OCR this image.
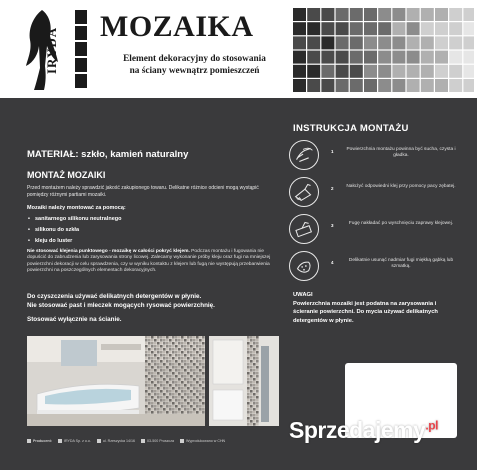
IRYDA	MOZAIKA
Element dekoracyjny do stosowania
na ściany wewnątrz pomieszczeń
MATERIAŁ: szkło, kamień naturalny
MONTAŻ MOZAIKI
Przed montażem należy sprawdzić jakość zakupionego towaru. Delikatne różnice odcieni mogą wystąpić pomiędzy różnymi partiami mozaiki.
Mozaiki należy montować za pomocą:
• sanitarnego silikonu neutralnego
• silikonu do szkła
• kleju do luster
Nie stosować klejenia punktowego - mozaikę w całości pokryć klejem. Podczas montażu i fugowania nie dopuścić do zabrudzenia lub zarysowania strony licowej. Zalecamy wykonanie próby kleju oraz fugi na mniejszej powierzchni dekoracji w celu sprawdzenia, czy w wyniku kontaktu z klejem lub fugą nie występują przebarwienia powierzchni na poszczególnych elementach dekoracyjnych.
Do czyszczenia używać delikatnych detergentów w płynie.
Nie stosować past i mleczek mogących rysować powierzchnię.
Stosować wyłącznie na ścianie.
Producent:	IRYDA Sp. z o.o.	ul. Rzeszycka 14/16	03-500 Pruszcza	Wyprodukowano w CHN
INSTRUKCJA MONTAŻU
1	Powierzchnia montażu powinna być sucha, czysta i gładka.
2	Nałożyć odpowiedni klej przy pomocy pacy zębatej.
3	Fugę nakładać po wyschnięciu zaprawy klejowej.
4	Delikatnie usunąć nadmiar fugi miękką gąbką lub szmatką.
UWAGI
Powierzchnia mozaiki jest podatna na zarysowania i ścieranie powierzchni. Do mycia używać delikatnych detergentów w płynie.
Sprzedajemy$^{.pl}$
